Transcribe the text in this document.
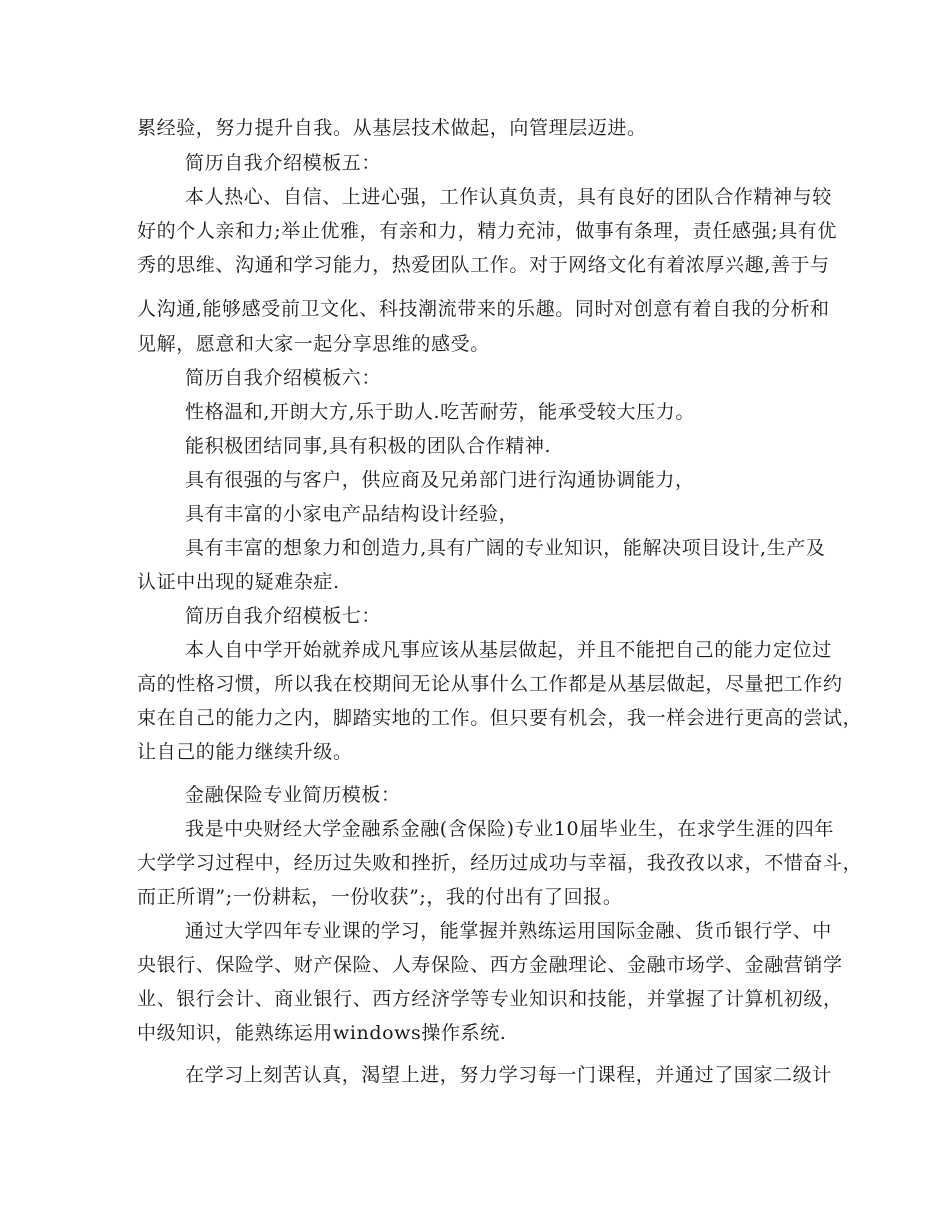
累经验，努力提升自我。从基层技术做起，向管理层迈进。
简历自我介绍模板五：
本人热心、自信、上进心强，工作认真负责，具有良好的团队合作精神与较
好的个人亲和力;举止优雅，有亲和力，精力充沛，做事有条理，责任感强;具有优
秀的思维、沟通和学习能力，热爱团队工作。对于网络文化有着浓厚兴趣,善于与
人沟通,能够感受前卫文化、科技潮流带来的乐趣。同时对创意有着自我的分析和
见解，愿意和大家一起分享思维的感受。
简历自我介绍模板六：
性格温和,开朗大方,乐于助人.吃苦耐劳，能承受较大压力。
能积极团结同事,具有积极的团队合作精神.
具有很强的与客户，供应商及兄弟部门进行沟通协调能力，
具有丰富的小家电产品结构设计经验，
具有丰富的想象力和创造力,具有广阔的专业知识，能解决项目设计,生产及
认证中出现的疑难杂症.
简历自我介绍模板七：
本人自中学开始就养成凡事应该从基层做起，并且不能把自己的能力定位过
高的性格习惯，所以我在校期间无论从事什么工作都是从基层做起，尽量把工作约
束在自己的能力之内，脚踏实地的工作。但只要有机会，我一样会进行更高的尝试，
让自己的能力继续升级。
金融保险专业简历模板：
我是中央财经大学金融系金融(含保险)专业10届毕业生，在求学生涯的四年
大学学习过程中，经历过失败和挫折，经历过成功与幸福，我孜孜以求，不惜奋斗，
而正所谓”;一份耕耘，一份收获”;，我的付出有了回报。
通过大学四年专业课的学习，能掌握并熟练运用国际金融、货币银行学、中
央银行、保险学、财产保险、人寿保险、西方金融理论、金融市场学、金融营销学
业、银行会计、商业银行、西方经济学等专业知识和技能，并掌握了计算机初级，
中级知识，能熟练运用windows操作系统.
在学习上刻苦认真，渴望上进，努力学习每一门课程，并通过了国家二级计
